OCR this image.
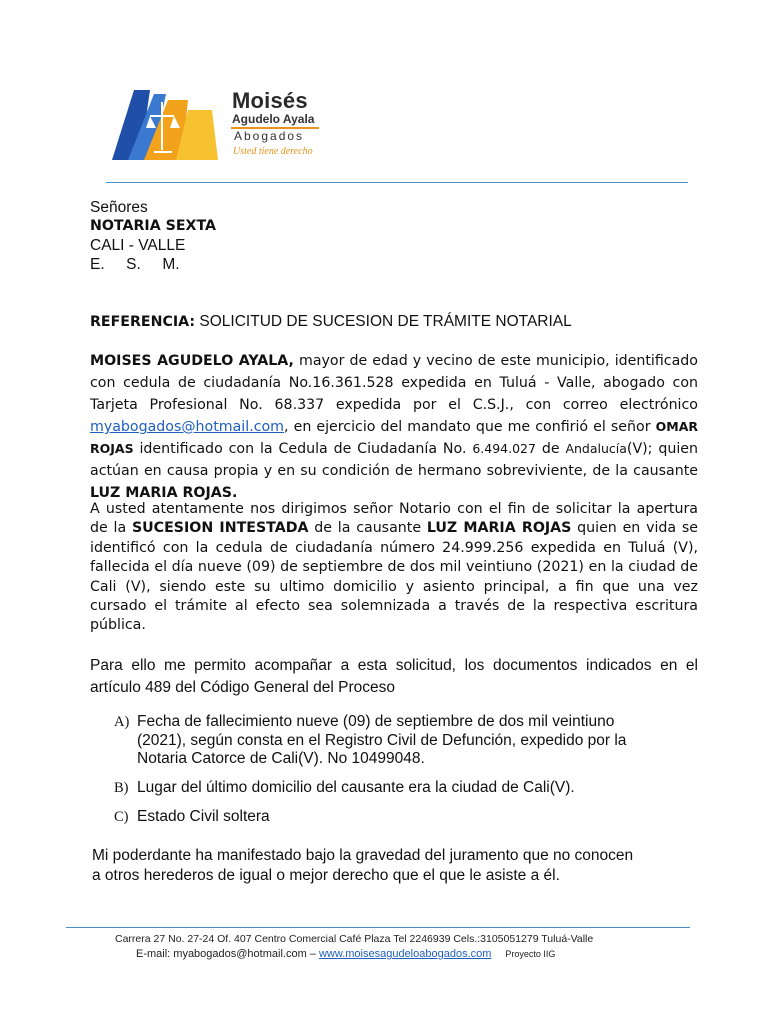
Moisés
Agudelo Ayala
Abogados
Usted tiene derecho
Señores
NOTARIA SEXTA
CALI - VALLE
E.     S.     M.
REFERENCIA: SOLICITUD DE SUCESION DE TRÁMITE NOTARIAL
MOISES AGUDELO AYALA, mayor de edad y vecino de este municipio, identificado con cedula de ciudadanía No.16.361.528 expedida en Tuluá - Valle, abogado con Tarjeta Profesional No. 68.337 expedida por el C.S.J., con correo electrónico myabogados@hotmail.com, en ejercicio del mandato que me confirió el señor OMAR ROJAS identificado con la Cedula de Ciudadanía No. 6.494.027 de Andalucía(V); quien actúan en causa propia y en su condición de hermano sobreviviente, de la causante LUZ MARIA ROJAS.
A usted atentamente nos dirigimos señor Notario con el fin de solicitar la apertura de la SUCESION INTESTADA de la causante LUZ MARIA ROJAS quien en vida se identificó con la cedula de ciudadanía número 24.999.256 expedida en Tuluá (V), fallecida el día nueve (09) de septiembre de dos mil veintiuno (2021) en la ciudad de Cali (V), siendo este su ultimo domicilio y asiento principal, a fin que una vez cursado el trámite al efecto sea solemnizada a través de la respectiva escritura pública.
Para ello me permito acompañar a esta solicitud, los documentos indicados en el artículo 489 del Código General del Proceso
A) Fecha de fallecimiento nueve (09) de septiembre de dos mil veintiuno
(2021), según consta en el Registro Civil de Defunción, expedido por la
Notaria Catorce de Cali(V). No 10499048.
B) Lugar del último domicilio del causante era la ciudad de Cali(V).
C) Estado Civil soltera
Mi poderdante ha manifestado bajo la gravedad del juramento que no conocen
a otros herederos de igual o mejor derecho que el que le asiste a él.
Carrera 27 No. 27-24 Of. 407 Centro Comercial Café Plaza Tel 2246939 Cels.:3105051279 Tuluá-Valle
E-mail: myabogados@hotmail.com – www.moisesagudeloabogados.com Proyecto IIG
